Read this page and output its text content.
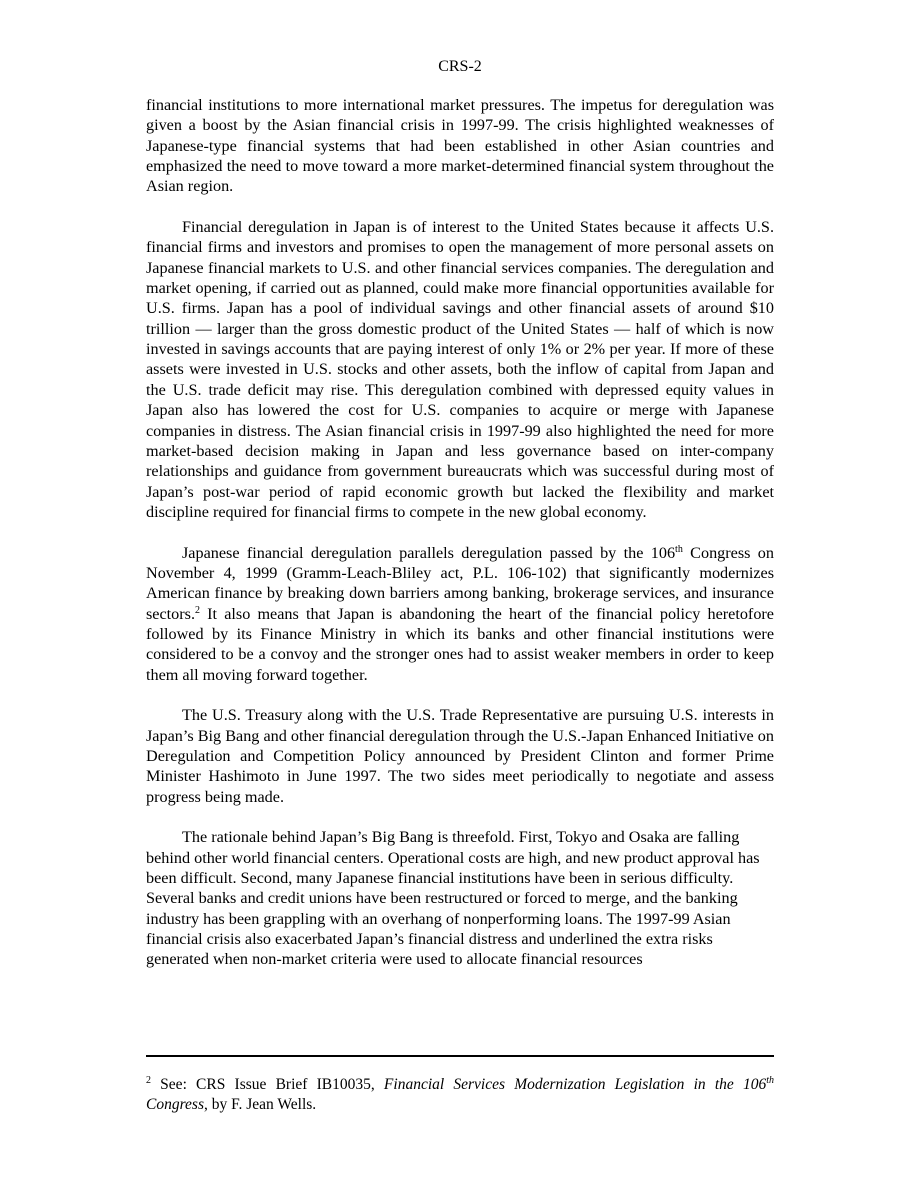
CRS-2

financial institutions to more international market pressures. The impetus for deregulation was given a boost by the Asian financial crisis in 1997-99. The crisis highlighted weaknesses of Japanese-type financial systems that had been established in other Asian countries and emphasized the need to move toward a more market-determined financial system throughout the Asian region.

Financial deregulation in Japan is of interest to the United States because it affects U.S. financial firms and investors and promises to open the management of more personal assets on Japanese financial markets to U.S. and other financial services companies. The deregulation and market opening, if carried out as planned, could make more financial opportunities available for U.S. firms. Japan has a pool of individual savings and other financial assets of around $10 trillion — larger than the gross domestic product of the United States — half of which is now invested in savings accounts that are paying interest of only 1% or 2% per year. If more of these assets were invested in U.S. stocks and other assets, both the inflow of capital from Japan and the U.S. trade deficit may rise. This deregulation combined with depressed equity values in Japan also has lowered the cost for U.S. companies to acquire or merge with Japanese companies in distress. The Asian financial crisis in 1997-99 also highlighted the need for more market-based decision making in Japan and less governance based on inter-company relationships and guidance from government bureaucrats which was successful during most of Japan’s post-war period of rapid economic growth but lacked the flexibility and market discipline required for financial firms to compete in the new global economy.

Japanese financial deregulation parallels deregulation passed by the 106th Congress on November 4, 1999 (Gramm-Leach-Bliley act, P.L. 106-102) that significantly modernizes American finance by breaking down barriers among banking, brokerage services, and insurance sectors.$^2$ It also means that Japan is abandoning the heart of the financial policy heretofore followed by its Finance Ministry in which its banks and other financial institutions were considered to be a convoy and the stronger ones had to assist weaker members in order to keep them all moving forward together.

The U.S. Treasury along with the U.S. Trade Representative are pursuing U.S. interests in Japan’s Big Bang and other financial deregulation through the U.S.-Japan Enhanced Initiative on Deregulation and Competition Policy announced by President Clinton and former Prime Minister Hashimoto in June 1997. The two sides meet periodically to negotiate and assess progress being made.

The rationale behind Japan’s Big Bang is threefold. First, Tokyo and Osaka are falling behind other world financial centers. Operational costs are high, and new product approval has been difficult. Second, many Japanese financial institutions have been in serious difficulty. Several banks and credit unions have been restructured or forced to merge, and the banking industry has been grappling with an overhang of nonperforming loans. The 1997-99 Asian financial crisis also exacerbated Japan’s financial distress and underlined the extra risks generated when non-market criteria were used to allocate financial resources

$^2$ See: CRS Issue Brief IB10035, Financial Services Modernization Legislation in the 106th Congress, by F. Jean Wells.
